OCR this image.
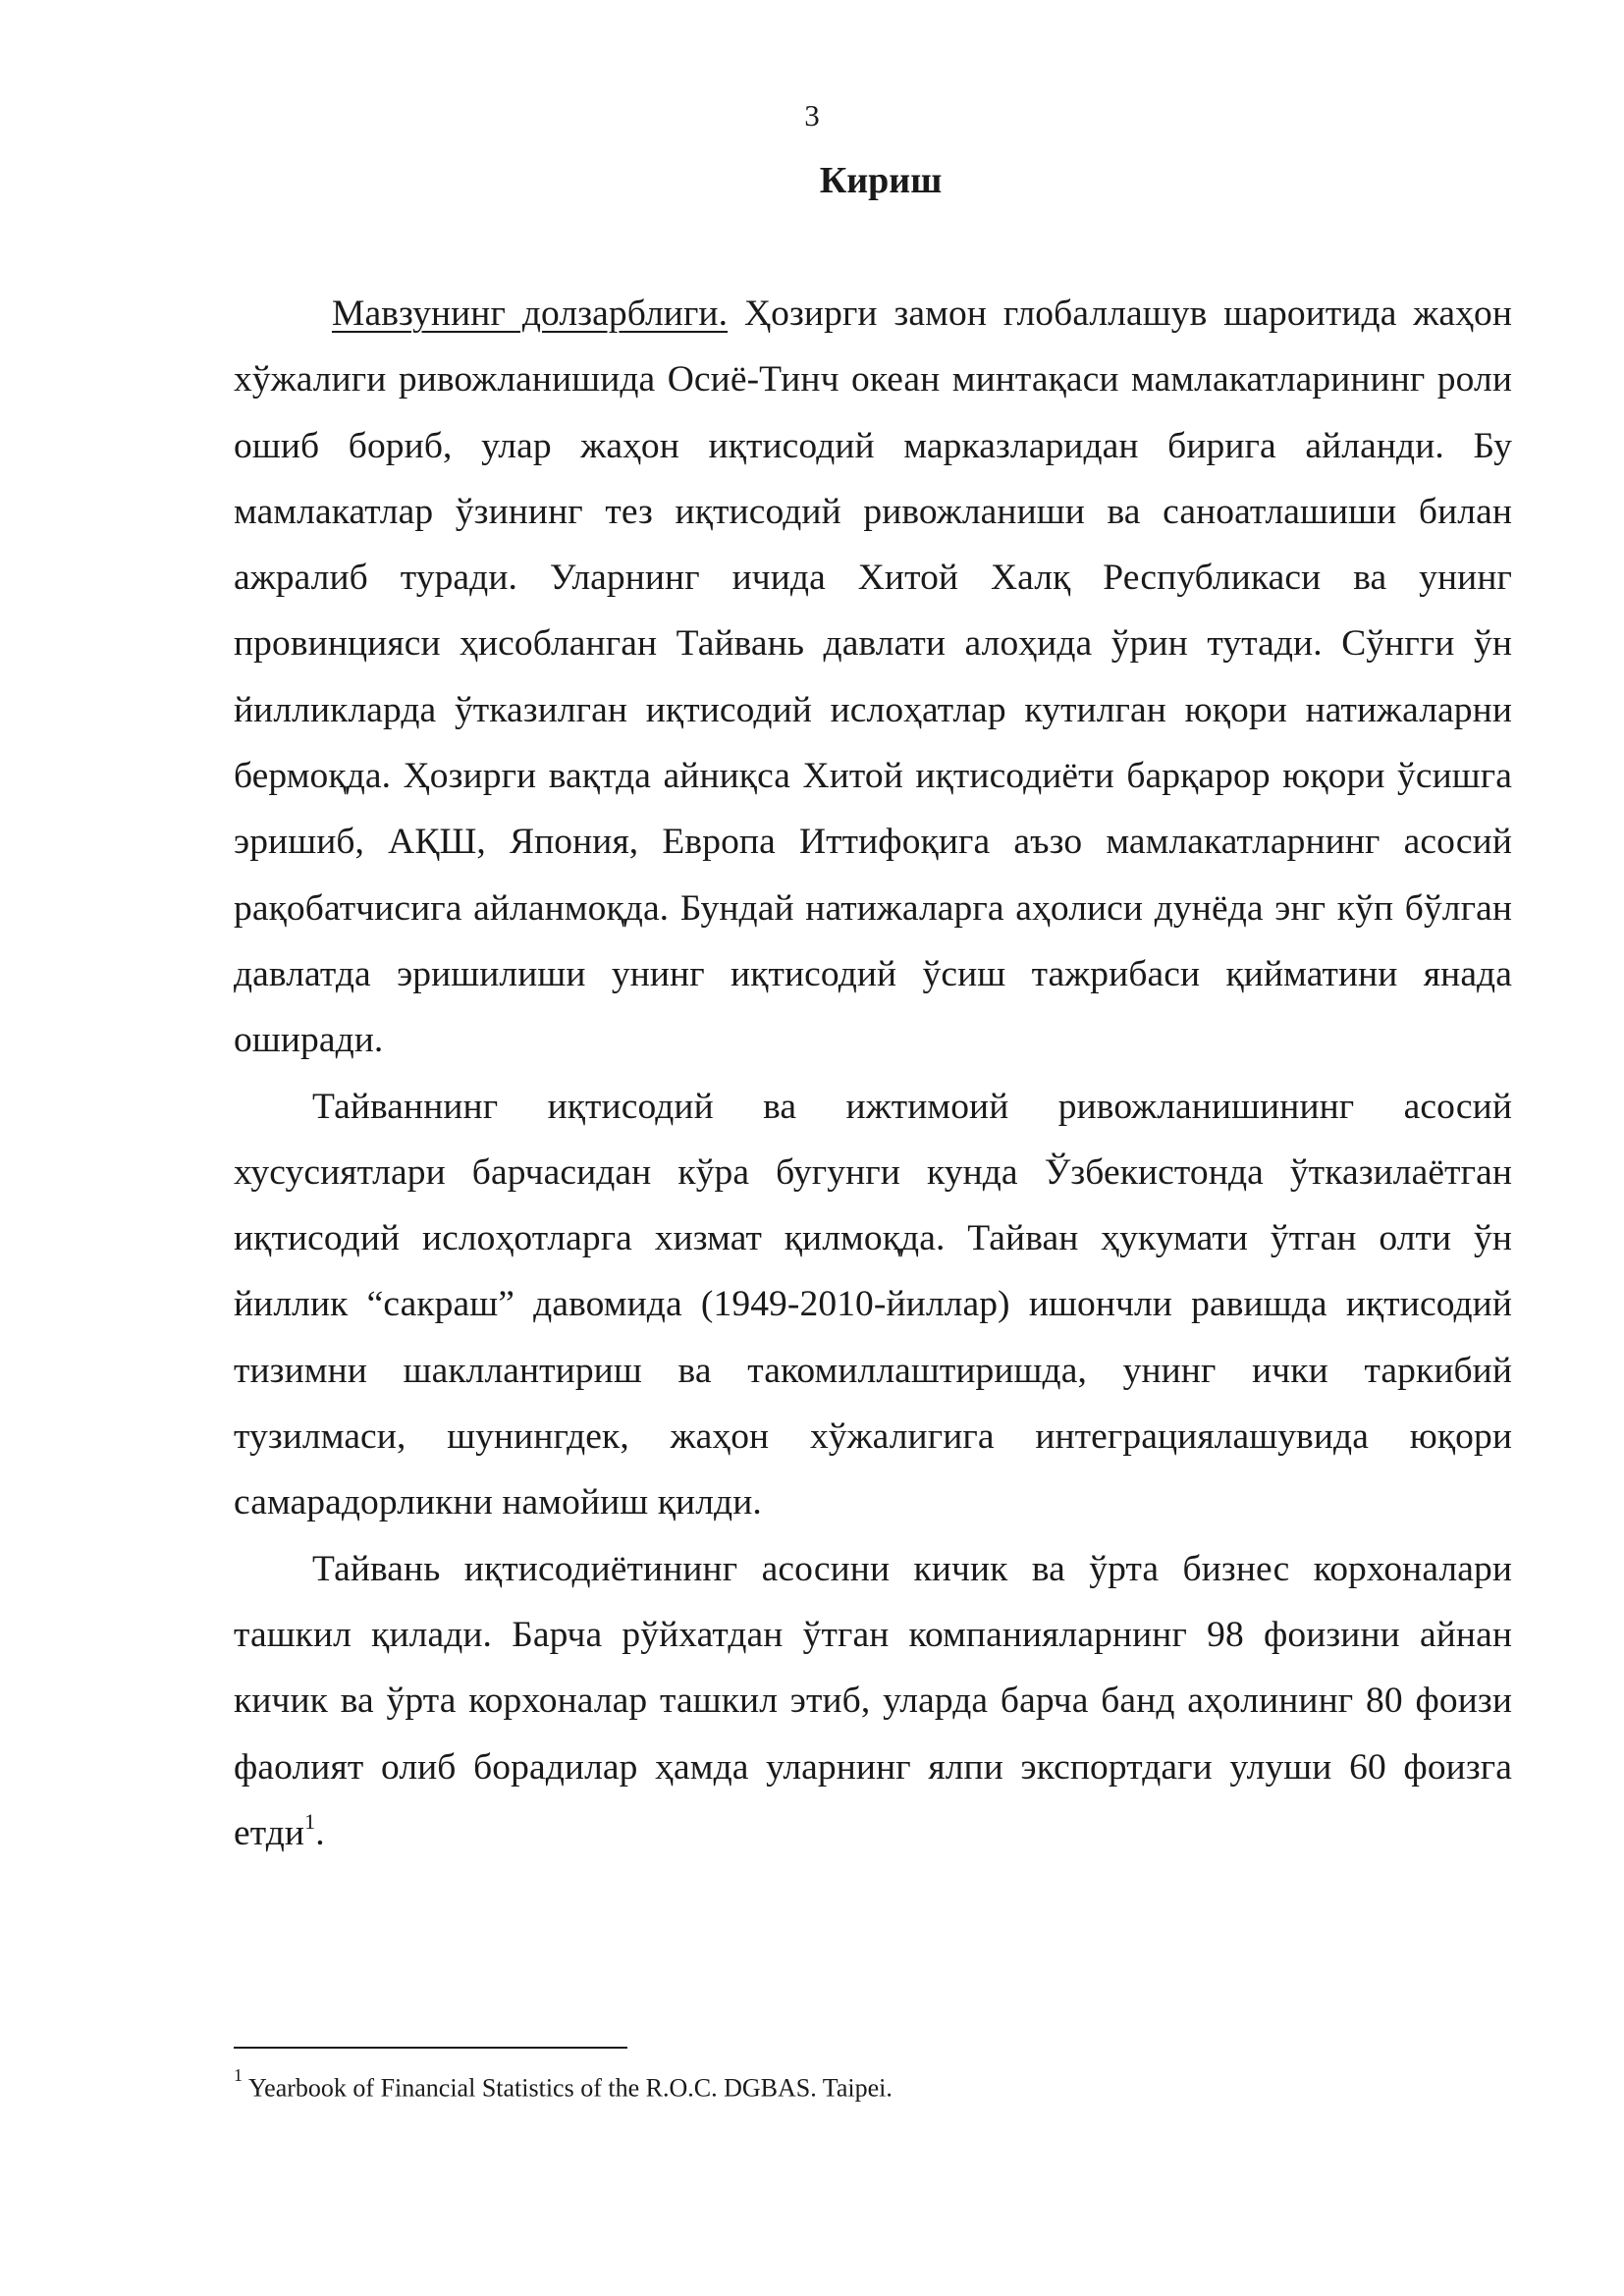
3
Кириш

Мавзунинг долзарблиги. Ҳозирги замон глобаллашув шароитида жаҳон хўжалиги ривожланишида Осиё-Тинч океан минтақаси мамлакатларининг роли ошиб бориб, улар жаҳон иқтисодий марказларидан бирига айланди. Бу мамлакатлар ўзининг тез иқтисодий ривожланиши ва саноатлашиши билан ажралиб туради. Уларнинг ичида Хитой Халқ Республикаси ва унинг провинцияси ҳисобланган Тайвань давлати алоҳида ўрин тутади. Сўнгги ўн йилликларда ўтказилган иқтисодий ислоҳатлар кутилган юқори натижаларни бермоқда. Ҳозирги вақтда айниқса Хитой иқтисодиёти барқарор юқори ўсишга эришиб, АҚШ, Япония, Европа Иттифоқига аъзо мамлакатларнинг асосий рақобатчисига айланмоқда. Бундай натижаларга аҳолиси дунёда энг кўп бўлган давлатда эришилиши унинг иқтисодий ўсиш тажрибаси қийматини янада оширади.

Тайваннинг иқтисодий ва ижтимоий ривожланишининг асосий хусусиятлари барчасидан кўра бугунги кунда Ўзбекистонда ўтказилаётган иқтисодий ислоҳотларга хизмат қилмоқда. Тайван ҳукумати ўтган олти ўн йиллик “сакраш” давомида (1949-2010-йиллар) ишончли равишда иқтисодий тизимни шакллантириш ва такомиллаштиришда, унинг ички таркибий тузилмаси, шунингдек, жаҳон хўжалигига интеграциялашувида юқори самарадорликни намойиш қилди.

Тайвань иқтисодиётининг асосини кичик ва ўрта бизнес корхоналари ташкил қилади. Барча рўйхатдан ўтган компанияларнинг 98 фоизини айнан кичик ва ўрта корхоналар ташкил этиб, уларда барча банд аҳолининг 80 фоизи фаолият олиб борадилар ҳамда уларнинг ялпи экспортдаги улуши 60 фоизга етди$^1$.

$^1$ Yearbook of Financial Statistics of the R.O.C. DGBAS. Taipei.
